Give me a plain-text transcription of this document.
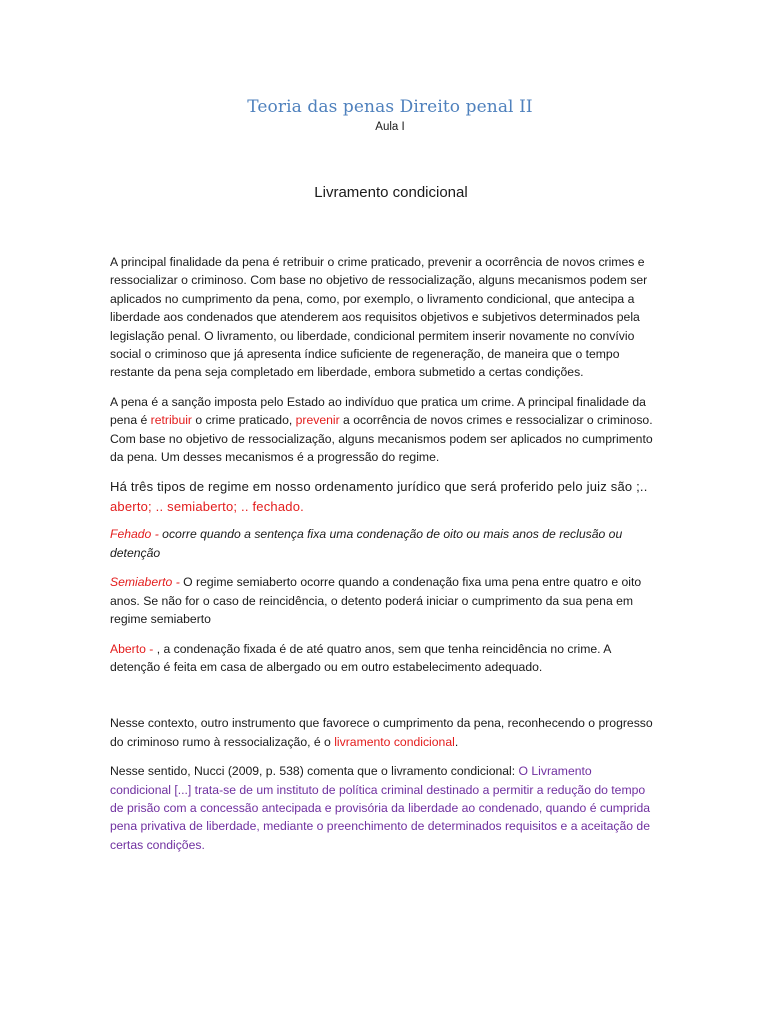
Teoria das penas Direito penal II
Aula I
Livramento condicional

A principal finalidade da pena é retribuir o crime praticado, prevenir a ocorrência de novos crimes e ressocializar o criminoso. Com base no objetivo de ressocialização, alguns mecanismos podem ser aplicados no cumprimento da pena, como, por exemplo, o livramento condicional, que antecipa a liberdade aos condenados que atenderem aos requisitos objetivos e subjetivos determinados pela legislação penal. O livramento, ou liberdade, condicional permitem inserir novamente no convívio social o criminoso que já apresenta índice suficiente de regeneração, de maneira que o tempo restante da pena seja completado em liberdade, embora submetido a certas condições.

A pena é a sanção imposta pelo Estado ao indivíduo que pratica um crime. A principal finalidade da pena é retribuir o crime praticado, prevenir a ocorrência de novos crimes e ressocializar o criminoso. Com base no objetivo de ressocialização, alguns mecanismos podem ser aplicados no cumprimento da pena. Um desses mecanismos é a progressão do regime.

Há três tipos de regime em nosso ordenamento jurídico que será proferido pelo juiz são ;.. aberto; .. semiaberto; .. fechado.

Fehado - ocorre quando a sentença fixa uma condenação de oito ou mais anos de reclusão ou detenção

Semiaberto - O regime semiaberto ocorre quando a condenação fixa uma pena entre quatro e oito anos. Se não for o caso de reincidência, o detento poderá iniciar o cumprimento da sua pena em regime semiaberto

Aberto - , a condenação fixada é de até quatro anos, sem que tenha reincidência no crime. A detenção é feita em casa de albergado ou em outro estabelecimento adequado.

Nesse contexto, outro instrumento que favorece o cumprimento da pena, reconhecendo o progresso do criminoso rumo à ressocialização, é o livramento condicional.

Nesse sentido, Nucci (2009, p. 538) comenta que o livramento condicional: O Livramento condicional [...] trata-se de um instituto de política criminal destinado a permitir a redução do tempo de prisão com a concessão antecipada e provisória da liberdade ao condenado, quando é cumprida pena privativa de liberdade, mediante o preenchimento de determinados requisitos e a aceitação de certas condições.
